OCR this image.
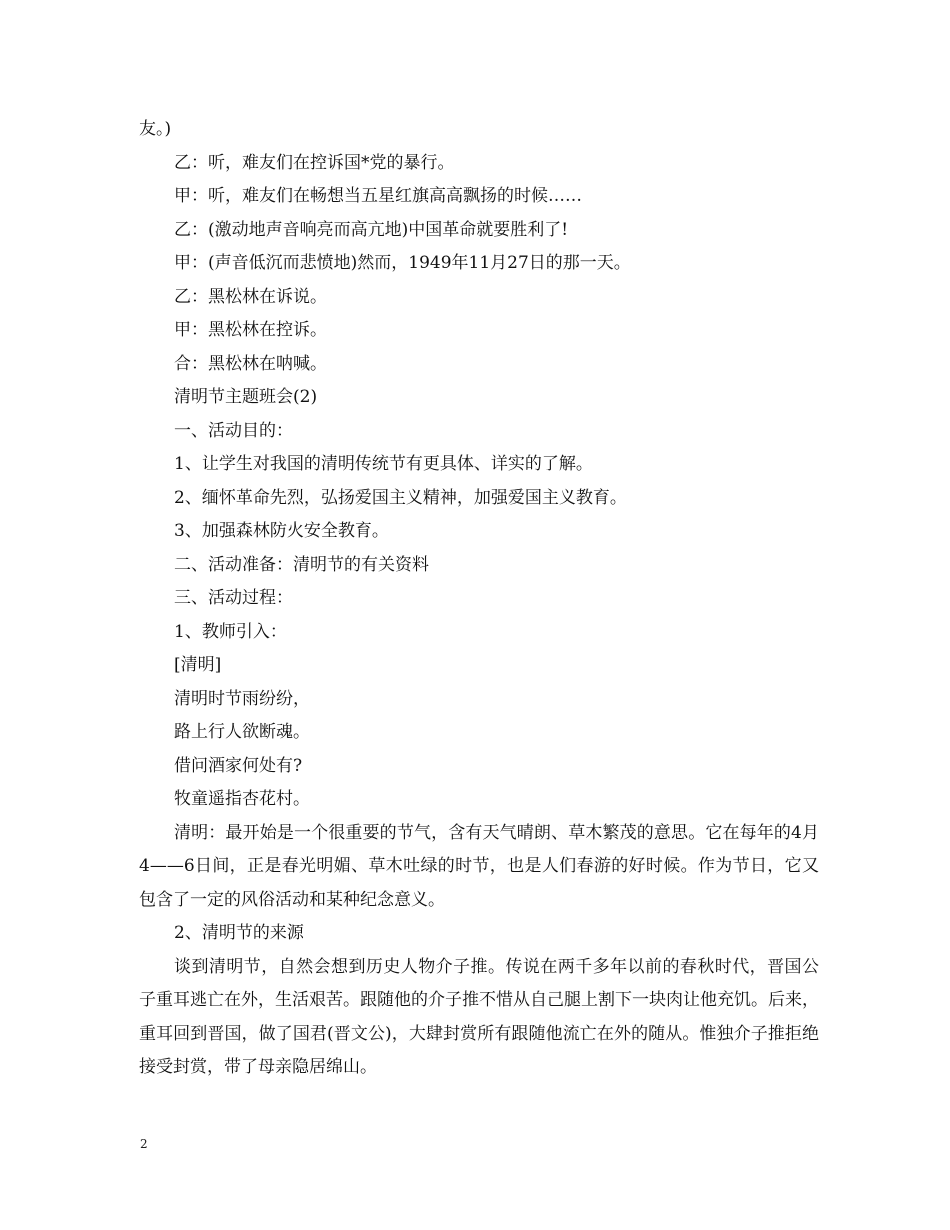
友。)

乙：听，难友们在控诉国*党的暴行。

甲：听，难友们在畅想当五星红旗高高飘扬的时候……

乙：(激动地声音响亮而高亢地)中国革命就要胜利了!

甲：(声音低沉而悲愤地)然而，1949年11月27日的那一天。

乙：黑松林在诉说。

甲：黑松林在控诉。

合：黑松林在呐喊。

清明节主题班会(2)

一、活动目的：

1、让学生对我国的清明传统节有更具体、详实的了解。

2、缅怀革命先烈，弘扬爱国主义精神，加强爱国主义教育。

3、加强森林防火安全教育。

二、活动准备：清明节的有关资料

三、活动过程：

1、教师引入：

[清明]

清明时节雨纷纷，

路上行人欲断魂。

借问酒家何处有?

牧童遥指杏花村。

清明：最开始是一个很重要的节气，含有天气晴朗、草木繁茂的意思。它在每年的4月4——6日间，正是春光明媚、草木吐绿的时节，也是人们春游的好时候。作为节日，它又包含了一定的风俗活动和某种纪念意义。

2、清明节的来源

谈到清明节，自然会想到历史人物介子推。传说在两千多年以前的春秋时代，晋国公子重耳逃亡在外，生活艰苦。跟随他的介子推不惜从自己腿上割下一块肉让他充饥。后来，重耳回到晋国，做了国君(晋文公)，大肆封赏所有跟随他流亡在外的随从。惟独介子推拒绝接受封赏，带了母亲隐居绵山。

2
